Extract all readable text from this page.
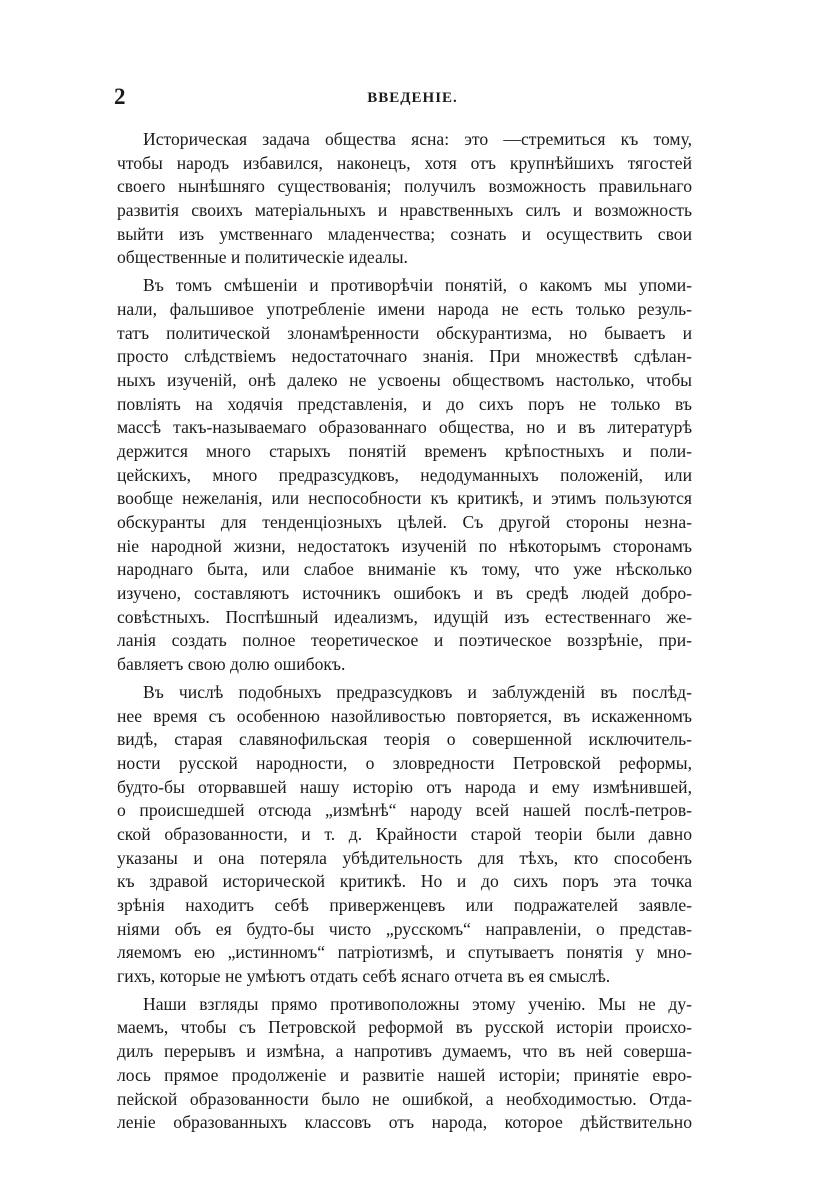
2	ВВЕДЕНІЕ.
Историческая задача общества ясна: это —стремиться къ тому,
чтобы народъ избавился, наконецъ, хотя отъ крупнѣйшихъ тягостей
своего нынѣшняго существованія; получилъ возможность правильнаго
развитія своихъ матеріальныхъ и нравственныхъ силъ и возможность
выйти изъ умственнаго младенчества; сознать и осуществить свои
общественные и политическіе идеалы.
Въ томъ смѣшеніи и противорѣчіи понятій, о какомъ мы упоми-
нали, фальшивое употребленіе имени народа не есть только резуль-
татъ политической злонамѣренности обскурантизма, но бываетъ и
просто слѣдствіемъ недостаточнаго знанія. При множествѣ сдѣлан-
ныхъ изученій, онѣ далеко не усвоены обществомъ настолько, чтобы
повліять на ходячія представленія, и до сихъ поръ не только въ
массѣ такъ-называемаго образованнаго общества, но и въ литературѣ
держится много старыхъ понятій временъ крѣпостныхъ и поли-
цейскихъ, много предразсудковъ, недодуманныхъ положеній, или
вообще нежеланія, или неспособности къ критикѣ, и этимъ пользуются
обскуранты для тенденціозныхъ цѣлей. Съ другой стороны незна-
ніе народной жизни, недостатокъ изученій по нѣкоторымъ сторонамъ
народнаго быта, или слабое вниманіе къ тому, что уже нѣсколько
изучено, составляютъ источникъ ошибокъ и въ средѣ людей добро-
совѣстныхъ. Поспѣшный идеализмъ, идущій изъ естественнаго же-
ланія создать полное теоретическое и поэтическое воззрѣніе, при-
бавляетъ свою долю ошибокъ.
Въ числѣ подобныхъ предразсудковъ и заблужденій въ послѣд-
нее время съ особенною назойливостью повторяется, въ искаженномъ
видѣ, старая славянофильская теорія о совершенной исключитель-
ности русской народности, о зловредности Петровской реформы,
будто-бы оторвавшей нашу исторію отъ народа и ему измѣнившей,
о происшедшей отсюда „измѣнѣ“ народу всей нашей послѣ-петров-
ской образованности, и т. д. Крайности старой теоріи были давно
указаны и она потеряла убѣдительность для тѣхъ, кто способенъ
къ здравой исторической критикѣ. Но и до сихъ поръ эта точка
зрѣнія находитъ себѣ приверженцевъ или подражателей заявле-
ніями объ ея будто-бы чисто „русскомъ“ направленіи, о представ-
ляемомъ ею „истинномъ“ патріотизмѣ, и спутываетъ понятія у мно-
гихъ, которые не умѣютъ отдать себѣ яснаго отчета въ ея смыслѣ.
Наши взгляды прямо противоположны этому ученію. Мы не ду-
маемъ, чтобы съ Петровской реформой въ русской исторіи происхо-
дилъ перерывъ и измѣна, а напротивъ думаемъ, что въ ней соверша-
лось прямое продолженіе и развитіе нашей исторіи; принятіе евро-
пейской образованности было не ошибкой, а необходимостью. Отда-
леніе образованныхъ классовъ отъ народа, которое дѣйствительно
